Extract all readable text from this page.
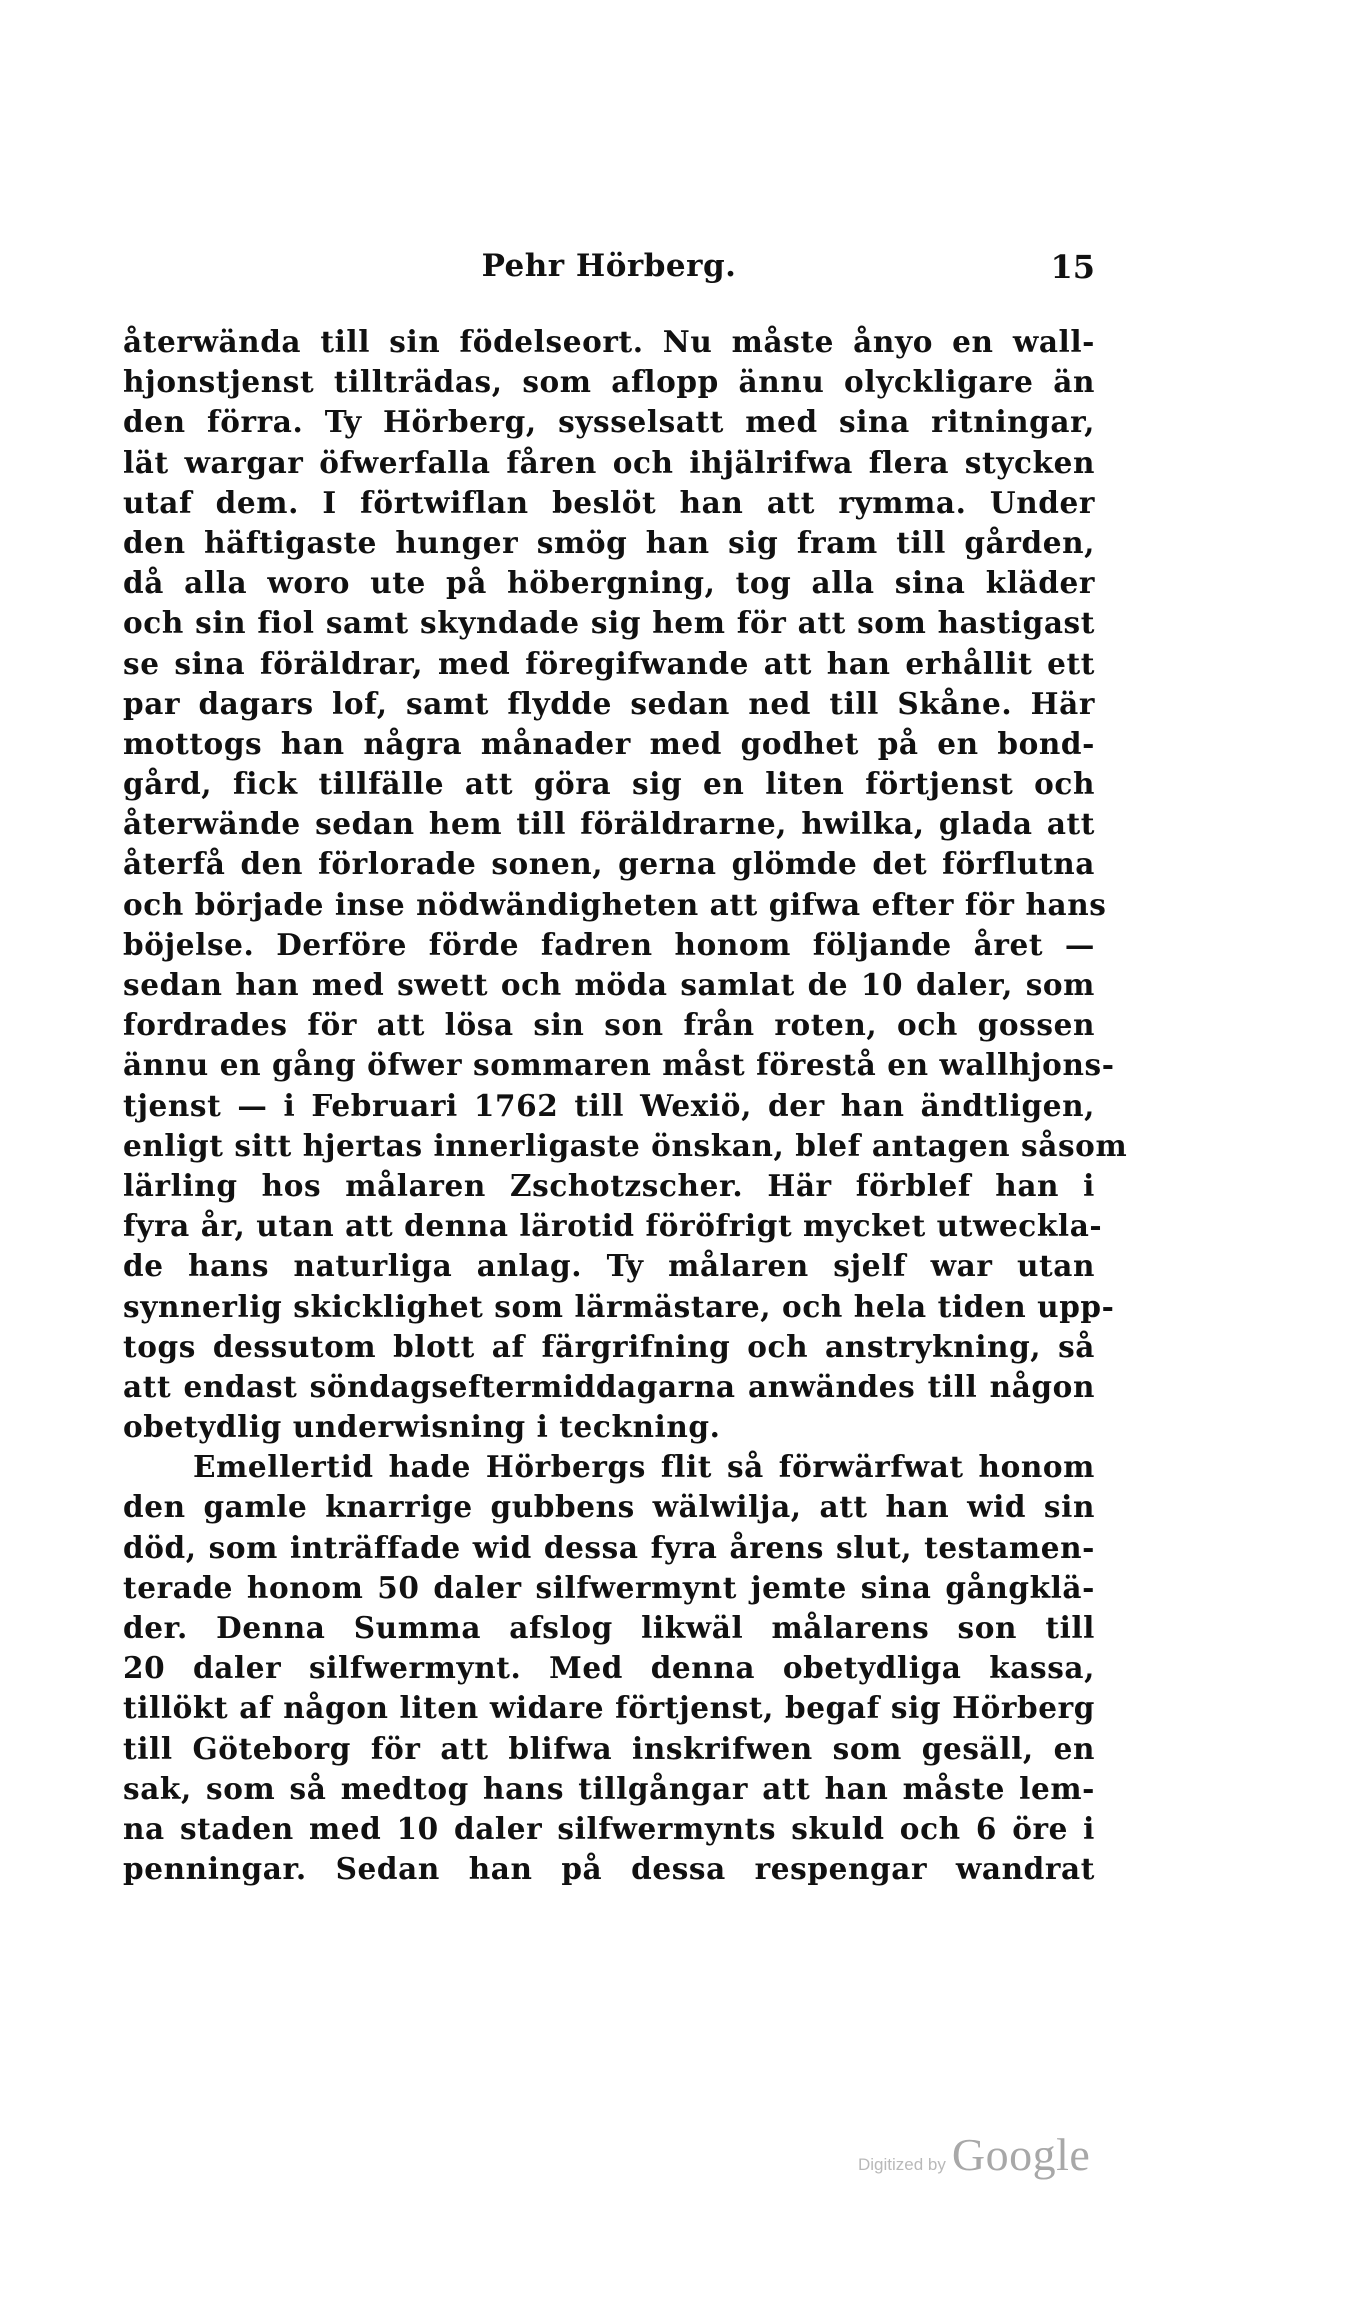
Pehr Hörberg.	15
återwända till sin födelseort. Nu måste ånyo en wall-
hjonstjenst tillträdas, som aflopp ännu olyckligare än
den förra. Ty Hörberg, sysselsatt med sina ritningar,
lät wargar öfwerfalla fåren och ihjälrifwa flera stycken
utaf dem. I förtwiflan beslöt han att rymma. Under
den häftigaste hunger smög han sig fram till gården,
då alla woro ute på höbergning, tog alla sina kläder
och sin fiol samt skyndade sig hem för att som hastigast
se sina föräldrar, med föregifwande att han erhållit ett
par dagars lof, samt flydde sedan ned till Skåne. Här
mottogs han några månader med godhet på en bond-
gård, fick tillfälle att göra sig en liten förtjenst och
återwände sedan hem till föräldrarne, hwilka, glada att
återfå den förlorade sonen, gerna glömde det förflutna
och började inse nödwändigheten att gifwa efter för hans
böjelse. Derföre förde fadren honom följande året —
sedan han med swett och möda samlat de 10 daler, som
fordrades för att lösa sin son från roten, och gossen
ännu en gång öfwer sommaren måst förestå en wallhjons-
tjenst — i Februari 1762 till Wexiö, der han ändtligen,
enligt sitt hjertas innerligaste önskan, blef antagen såsom
lärling hos målaren Zschotzscher. Här förblef han i
fyra år, utan att denna lärotid föröfrigt mycket utweckla-
de hans naturliga anlag. Ty målaren sjelf war utan
synnerlig skicklighet som lärmästare, och hela tiden upp-
togs dessutom blott af färgrifning och anstrykning, så
att endast söndagseftermiddagarna anwändes till någon
obetydlig underwisning i teckning.
Emellertid hade Hörbergs flit så förwärfwat honom
den gamle knarrige gubbens wälwilja, att han wid sin
död, som inträffade wid dessa fyra årens slut, testamen-
terade honom 50 daler silfwermynt jemte sina gångklä-
der. Denna Summa afslog likwäl målarens son till
20 daler silfwermynt. Med denna obetydliga kassa,
tillökt af någon liten widare förtjenst, begaf sig Hörberg
till Göteborg för att blifwa inskrifwen som gesäll, en
sak, som så medtog hans tillgångar att han måste lem-
na staden med 10 daler silfwermynts skuld och 6 öre i
penningar. Sedan han på dessa respengar wandrat
Digitized by Google
